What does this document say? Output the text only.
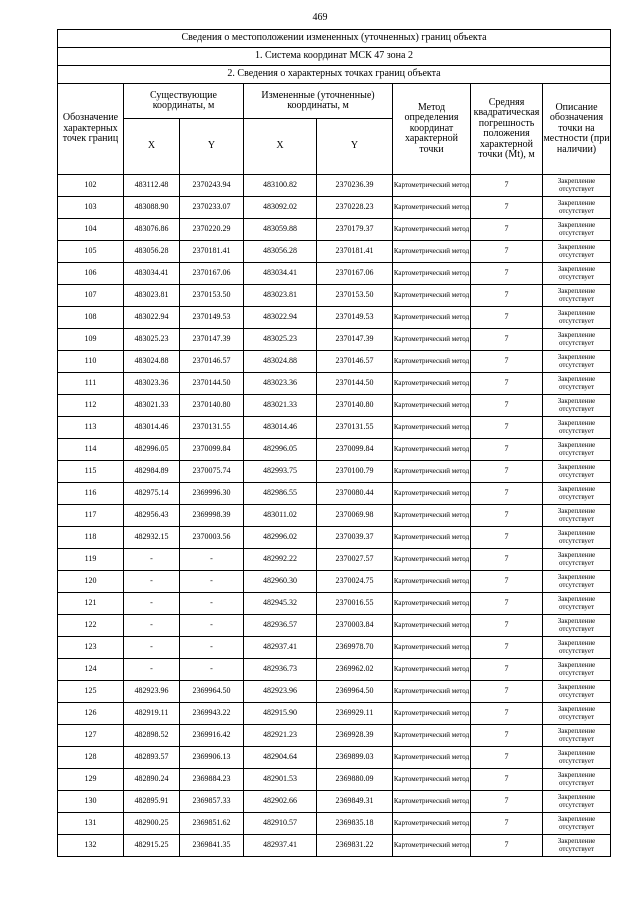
469
Сведения о местоположении измененных (уточненных) границ объекта							
1. Система координат МСК 47 зона 2							
2. Сведения о характерных точках границ объекта							
Обозначение характерных точек границ	Существующие координаты, м		Измененные (уточненные) координаты, м		Метод определения координат характерной точки	Средняя квадратическая погрешность положения характерной точки (Mt), м	Описание обозначения точки на местности (при наличии)
	X	Y	X	Y			
102	483112.48	2370243.94	483100.82	2370236.39	Картометрический метод	7	Закрепление отсутствует
103	483088.90	2370233.07	483092.02	2370228.23	Картометрический метод	7	Закрепление отсутствует
104	483076.86	2370220.29	483059.88	2370179.37	Картометрический метод	7	Закрепление отсутствует
105	483056.28	2370181.41	483056.28	2370181.41	Картометрический метод	7	Закрепление отсутствует
106	483034.41	2370167.06	483034.41	2370167.06	Картометрический метод	7	Закрепление отсутствует
107	483023.81	2370153.50	483023.81	2370153.50	Картометрический метод	7	Закрепление отсутствует
108	483022.94	2370149.53	483022.94	2370149.53	Картометрический метод	7	Закрепление отсутствует
109	483025.23	2370147.39	483025.23	2370147.39	Картометрический метод	7	Закрепление отсутствует
110	483024.88	2370146.57	483024.88	2370146.57	Картометрический метод	7	Закрепление отсутствует
111	483023.36	2370144.50	483023.36	2370144.50	Картометрический метод	7	Закрепление отсутствует
112	483021.33	2370140.80	483021.33	2370140.80	Картометрический метод	7	Закрепление отсутствует
113	483014.46	2370131.55	483014.46	2370131.55	Картометрический метод	7	Закрепление отсутствует
114	482996.05	2370099.84	482996.05	2370099.84	Картометрический метод	7	Закрепление отсутствует
115	482984.89	2370075.74	482993.75	2370100.79	Картометрический метод	7	Закрепление отсутствует
116	482975.14	2369996.30	482986.55	2370080.44	Картометрический метод	7	Закрепление отсутствует
117	482956.43	2369998.39	483011.02	2370069.98	Картометрический метод	7	Закрепление отсутствует
118	482932.15	2370003.56	482996.02	2370039.37	Картометрический метод	7	Закрепление отсутствует
119	-	-	482992.22	2370027.57	Картометрический метод	7	Закрепление отсутствует
120	-	-	482960.30	2370024.75	Картометрический метод	7	Закрепление отсутствует
121	-	-	482945.32	2370016.55	Картометрический метод	7	Закрепление отсутствует
122	-	-	482936.57	2370003.84	Картометрический метод	7	Закрепление отсутствует
123	-	-	482937.41	2369978.70	Картометрический метод	7	Закрепление отсутствует
124	-	-	482936.73	2369962.02	Картометрический метод	7	Закрепление отсутствует
125	482923.96	2369964.50	482923.96	2369964.50	Картометрический метод	7	Закрепление отсутствует
126	482919.11	2369943.22	482915.90	2369929.11	Картометрический метод	7	Закрепление отсутствует
127	482898.52	2369916.42	482921.23	2369928.39	Картометрический метод	7	Закрепление отсутствует
128	482893.57	2369906.13	482904.64	2369899.03	Картометрический метод	7	Закрепление отсутствует
129	482890.24	2369884.23	482901.53	2369880.09	Картометрический метод	7	Закрепление отсутствует
130	482895.91	2369857.33	482902.66	2369849.31	Картометрический метод	7	Закрепление отсутствует
131	482900.25	2369851.62	482910.57	2369835.18	Картометрический метод	7	Закрепление отсутствует
132	482915.25	2369841.35	482937.41	2369831.22	Картометрический метод	7	Закрепление отсутствует
